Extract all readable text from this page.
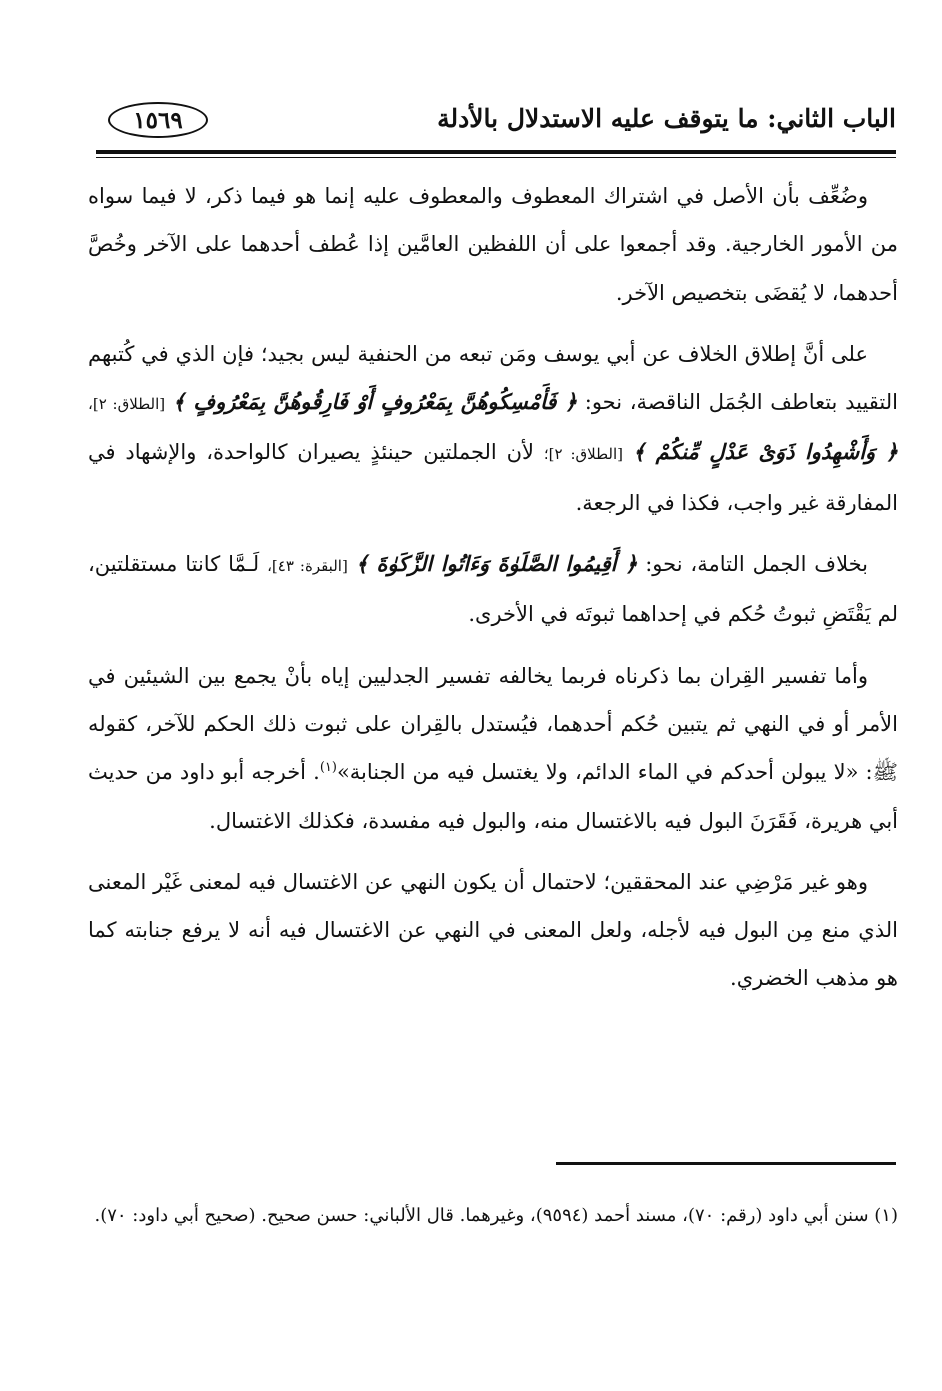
الباب الثاني: ما يتوقف عليه الاستدلال بالأدلة
١٥٦٩

وضُعِّف بأن الأصل في اشتراك المعطوف والمعطوف عليه إنما هو فيما ذكر، لا فيما سواه من الأمور الخارجية. وقد أجمعوا على أن اللفظين العامَّين إذا عُطف أحدهما على الآخر وخُصَّ أحدهما، لا يُقضَى بتخصيص الآخر.

على أنَّ إطلاق الخلاف عن أبي يوسف ومَن تبعه من الحنفية ليس بجيد؛ فإن الذي في كُتبهم التقييد بتعاطف الجُمَل الناقصة، نحو: ﴿ فَأَمْسِكُوهُنَّ بِمَعْرُوفٍ أَوْ فَارِقُوهُنَّ بِمَعْرُوفٍ ﴾ [الطلاق: ٢]، ﴿ وَأَشْهِدُوا ذَوَىْ عَدْلٍ مِّنكُمْ ﴾ [الطلاق: ٢]؛ لأن الجملتين حينئذٍ يصيران كالواحدة، والإشهاد في المفارقة غير واجب، فكذا في الرجعة.

بخلاف الجمل التامة، نحو: ﴿ أَقِيمُوا الصَّلَوٰةَ وَءَاتُوا الزَّكَوٰةَ ﴾ [البقرة: ٤٣]، لَـمَّا كانتا مستقلتين، لم يَقْتَضِ ثبوتُ حُكم في إحداهما ثبوتَه في الأخرى.

وأما تفسير القِران بما ذكرناه فربما يخالفه تفسير الجدليين إياه بأنْ يجمع بين الشيئين في الأمر أو في النهي ثم يتبين حُكم أحدهما، فيُستدل بالقِران على ثبوت ذلك الحكم للآخر، كقوله ﷺ: «لا يبولن أحدكم في الماء الدائم، ولا يغتسل فيه من الجنابة»$^{(١)}$. أخرجه أبو داود من حديث أبي هريرة، فَقَرَنَ البول فيه بالاغتسال منه، والبول فيه مفسدة، فكذلك الاغتسال.

وهو غير مَرْضِي عند المحققين؛ لاحتمال أن يكون النهي عن الاغتسال فيه لمعنى غَيْر المعنى الذي منع مِن البول فيه لأجله، ولعل المعنى في النهي عن الاغتسال فيه أنه لا يرفع جنابته كما هو مذهب الخضري.

(١) سنن أبي داود (رقم: ٧٠)، مسند أحمد (٩٥٩٤)، وغيرهما. قال الألباني: حسن صحيح. (صحيح أبي داود: ٧٠).
